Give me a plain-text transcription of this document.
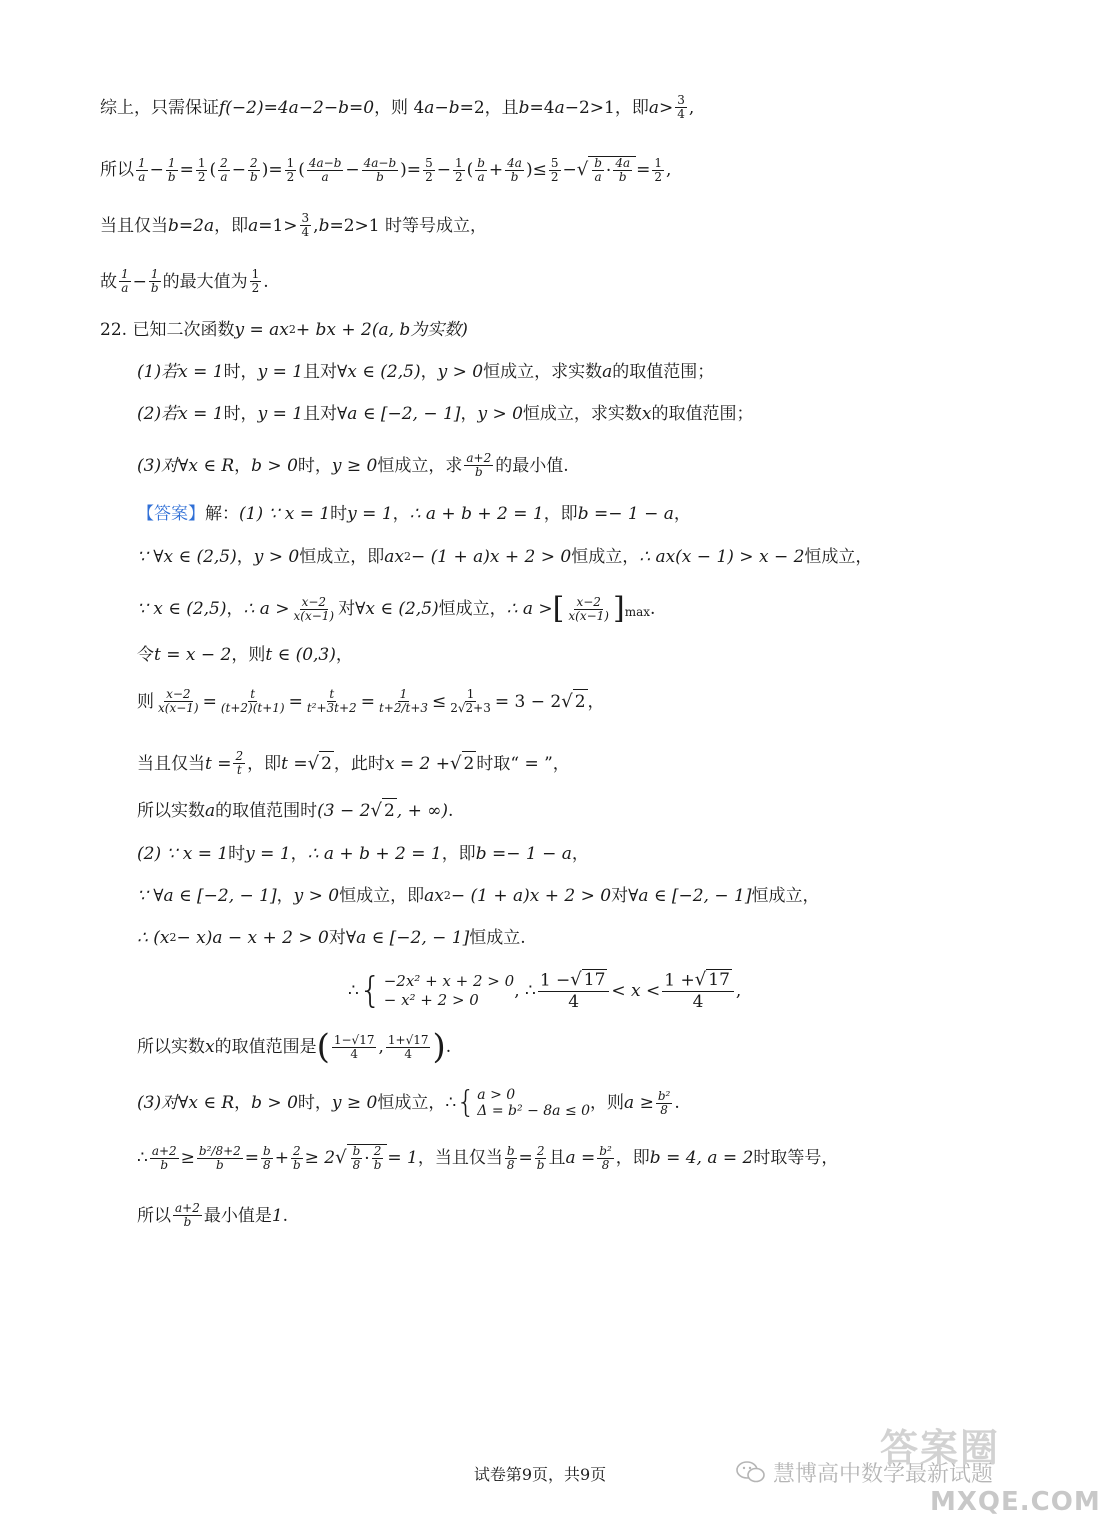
综上，只需保证 f(−2)=4a−2−b=0 ，则 4 a − b =2，且 b =4 a −2>1，即 $a > \frac{3}{4}$ ,
所以 $\frac{1}{a} - \frac{1}{b} = \frac{1}{2}$ ( $\frac{2}{a} - \frac{2}{b}$ )= $\frac{1}{2}$ ( $\frac{4a-b}{a} - \frac{4a-b}{b}$ )= $\frac{5}{2} - \frac{1}{2}$ ( $\frac{b}{a} + \frac{4a}{b}$ )≤ $\frac{5}{2}$ − √ $\frac{b}{a} \cdot \frac{4a}{b} = \frac{1}{2}$ ,
当且仅当 b=2a ，即 $a =1> \frac{3}{4}$ , b =2>1 时等号成立，
故 $\frac{1}{a} - \frac{1}{b}$ 的最大值为 $\frac{1}{2}$ .
22. 已知二次函数 y = ax 2 + bx + 2(a, b为实数)
(1)若 x = 1 时， y = 1 且对 ∀x ∈ (2,5) ， y > 0 恒成立，求实数 a 的取值范围；
(2)若 x = 1 时， y = 1 且对 ∀a ∈ [−2, − 1] ， y > 0 恒成立，求实数 x 的取值范围；
(3)对 ∀x ∈ R ， b > 0 时， y ≥ 0 恒成立，求 $\frac{a+2}{b}$ 的最小值.
【答案】 解： (1) ∵ x = 1 时 y = 1 ， ∴ a + b + 2 = 1 ，即 b =− 1 − a ，
∵ ∀x ∈ (2,5) ， y > 0 恒成立，即 ax 2 − (1 + a)x + 2 > 0 恒成立， ∴ ax(x − 1) > x − 2 恒成立，
∵ x ∈ (2,5) ， ∴ $a > \frac{x-2}{x(x-1)}$ 对 ∀x ∈ (2,5) 恒成立， ∴ a > [ $\frac{x-2}{x(x-1)}$ ] max .
令 t = x − 2 ，则 t ∈ (0,3) ，
则 $\frac{x-2}{x(x-1)} = \frac{t}{(t+2)(t+1)} = \frac{t}{\text{t²+3t+2}} = \frac{1}{t+2/t+3} \le \frac{1}{2√2+3} = 3 - 2$ √ 2 ，
当且仅当 $t = \frac{2}{t}$ ，即 t = √ 2 ，此时 x = 2 + √ 2 时取“ = ”，
所以实数 a 的取值范围时 (3 − 2 √ 2 , + ∞) .
(2) ∵ x = 1 时 y = 1 ， ∴ a + b + 2 = 1 ，即 b =− 1 − a ，
∵ ∀a ∈ [−2, − 1] ， y > 0 恒成立，即 ax 2 − (1 + a)x + 2 > 0 对 ∀a ∈ [−2, − 1] 恒成立，
∴ (x 2 − x)a − x + 2 > 0 对 ∀a ∈ [−2, − 1] 恒成立.
∴ { −2x² + x + 2 > 0
− x² + 2 > 0	, ∴ $\frac{1 - √ 17}{4} < x < \frac{1 + √ 17}{4}$ ,
所以实数 x 的取值范围是 ( $\frac{1-√17}{4}$ , $\frac{1+√17}{4}$ ) .
(3)对 ∀x ∈ R ， b > 0 时， y ≥ 0 恒成立， ∴ { a > 0
Δ = b² − 8a ≤ 0 ，则 $a \ge \frac{\text{b²}}{8}$ .
∴ $\frac{a+2}{b} \ge \frac{\text{b²/8+2}}{b} = \frac{b}{8} + \frac{2}{b} \ge 2$ √ $\frac{b}{8} \cdot \frac{2}{b} = 1$ ，当且仅当 $\frac{b}{8} = \frac{2}{b}$ 且 $a = \frac{\text{b²}}{8}$ ，即 b = 4, a = 2 时取等号，
所以 $\frac{a+2}{b}$ 最小值是 1 .
试卷第9页，共9页	慧博高中数学最新试题
答案圈
MXQE.COM
